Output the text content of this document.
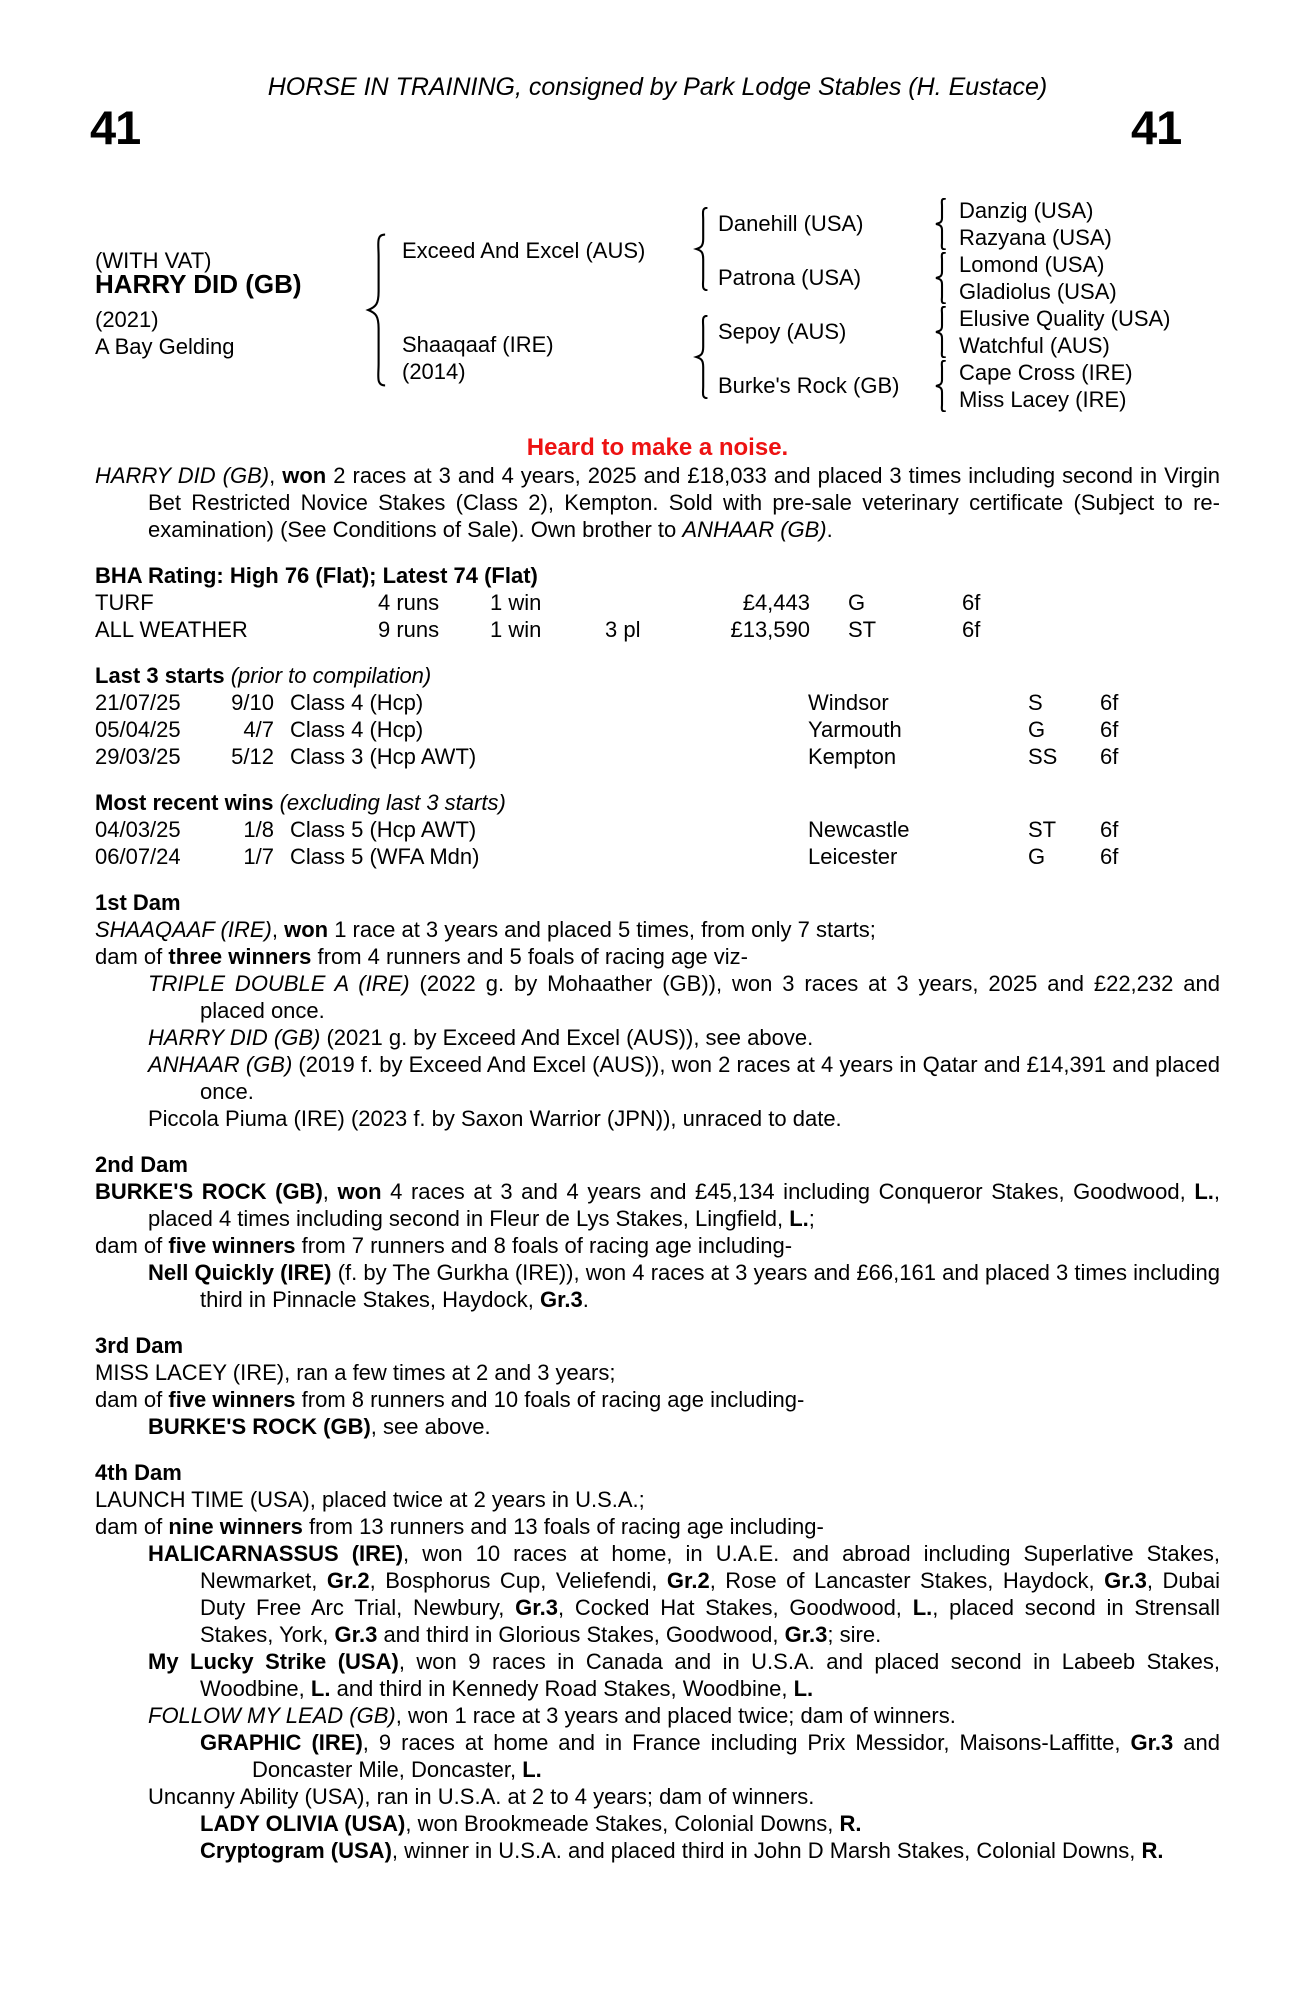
41	41
HORSE IN TRAINING, consigned by Park Lodge Stables (H. Eustace)
(WITH VAT)
HARRY DID (GB)
(2021)
A Bay Gelding
Exceed And Excel (AUS)
Shaaqaaf (IRE)
(2014)
Danehill (USA)
Patrona (USA)
Sepoy (AUS)
Burke's Rock (GB)
Danzig (USA)
Razyana (USA)
Lomond (USA)
Gladiolus (USA)
Elusive Quality (USA)
Watchful (AUS)
Cape Cross (IRE)
Miss Lacey (IRE)
Heard to make a noise.
HARRY DID (GB), won 2 races at 3 and 4 years, 2025 and £18,033 and placed 3 times including second in Virgin Bet Restricted Novice Stakes (Class 2), Kempton. Sold with pre-sale veterinary certificate (Subject to re-examination) (See Conditions of Sale). Own brother to ANHAAR (GB).
BHA Rating: High 76 (Flat); Latest 74 (Flat)
TURF	4 runs 1 win	£4,443 G	6f
ALL WEATHER	9 runs 1 win	3 pl	£13,590 ST	6f
Last 3 starts (prior to compilation)
21/07/25	9/10 Class 4 (Hcp)	Windsor	S	6f
05/04/25	4/7 Class 4 (Hcp)	Yarmouth	G 6f
29/03/25	5/12 Class 3 (Hcp AWT)	Kempton	SS 6f
Most recent wins (excluding last 3 starts)
04/03/25	1/8 Class 5 (Hcp AWT)	Newcastle	ST 6f
06/07/24	1/7 Class 5 (WFA Mdn)	Leicester	G 6f
1st Dam
SHAAQAAF (IRE), won 1 race at 3 years and placed 5 times, from only 7 starts;
dam of three winners from 4 runners and 5 foals of racing age viz-
TRIPLE DOUBLE A (IRE) (2022 g. by Mohaather (GB)), won 3 races at 3 years, 2025 and £22,232 and placed once.
HARRY DID (GB) (2021 g. by Exceed And Excel (AUS)), see above.
ANHAAR (GB) (2019 f. by Exceed And Excel (AUS)), won 2 races at 4 years in Qatar and £14,391 and placed once.
Piccola Piuma (IRE) (2023 f. by Saxon Warrior (JPN)), unraced to date.
2nd Dam
BURKE'S ROCK (GB), won 4 races at 3 and 4 years and £45,134 including Conqueror Stakes, Goodwood, L., placed 4 times including second in Fleur de Lys Stakes, Lingfield, L.;
dam of five winners from 7 runners and 8 foals of racing age including-
Nell Quickly (IRE) (f. by The Gurkha (IRE)), won 4 races at 3 years and £66,161 and placed 3 times including third in Pinnacle Stakes, Haydock, Gr.3.
3rd Dam
MISS LACEY (IRE), ran a few times at 2 and 3 years;
dam of five winners from 8 runners and 10 foals of racing age including-
BURKE'S ROCK (GB), see above.
4th Dam
LAUNCH TIME (USA), placed twice at 2 years in U.S.A.;
dam of nine winners from 13 runners and 13 foals of racing age including-
HALICARNASSUS (IRE), won 10 races at home, in U.A.E. and abroad including Superlative Stakes, Newmarket, Gr.2, Bosphorus Cup, Veliefendi, Gr.2, Rose of Lancaster Stakes, Haydock, Gr.3, Dubai Duty Free Arc Trial, Newbury, Gr.3, Cocked Hat Stakes, Goodwood, L., placed second in Strensall Stakes, York, Gr.3 and third in Glorious Stakes, Goodwood, Gr.3; sire.
My Lucky Strike (USA), won 9 races in Canada and in U.S.A. and placed second in Labeeb Stakes, Woodbine, L. and third in Kennedy Road Stakes, Woodbine, L.
FOLLOW MY LEAD (GB), won 1 race at 3 years and placed twice; dam of winners.
GRAPHIC (IRE), 9 races at home and in France including Prix Messidor, Maisons-Laffitte, Gr.3 and Doncaster Mile, Doncaster, L.
Uncanny Ability (USA), ran in U.S.A. at 2 to 4 years; dam of winners.
LADY OLIVIA (USA), won Brookmeade Stakes, Colonial Downs, R.
Cryptogram (USA), winner in U.S.A. and placed third in John D Marsh Stakes, Colonial Downs, R.
